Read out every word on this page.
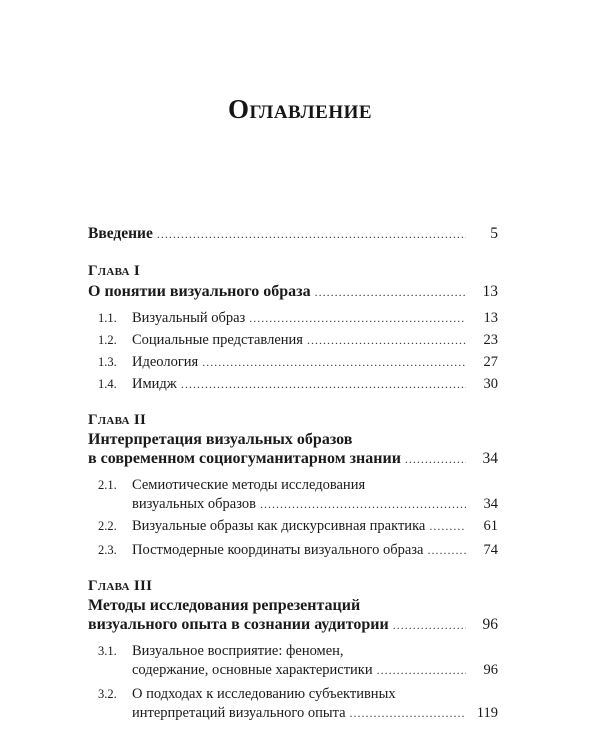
Оглавление
Введение .....	5
Глава I
О понятии визуального образа .....	13
1.1. Визуальный образ .....	13
1.2. Социальные представления .....	23
1.3. Идеология .....	27
1.4. Имидж .....	30
Глава II
Интерпретация визуальных образов
в современном социогуманитарном знании .....	34
2.1. Семиотические методы исследования
визуальных образов .....	34
2.2. Визуальные образы как дискурсивная практика .....	61
2.3. Постмодерные координаты визуального образа .....	74
Глава III
Методы исследования репрезентаций
визуального опыта в сознании аудитории .....	96
3.1. Визуальное восприятие: феномен,
содержание, основные характеристики .....	96
3.2. О подходах к исследованию субъективных
интерпретаций визуального опыта .....	119
